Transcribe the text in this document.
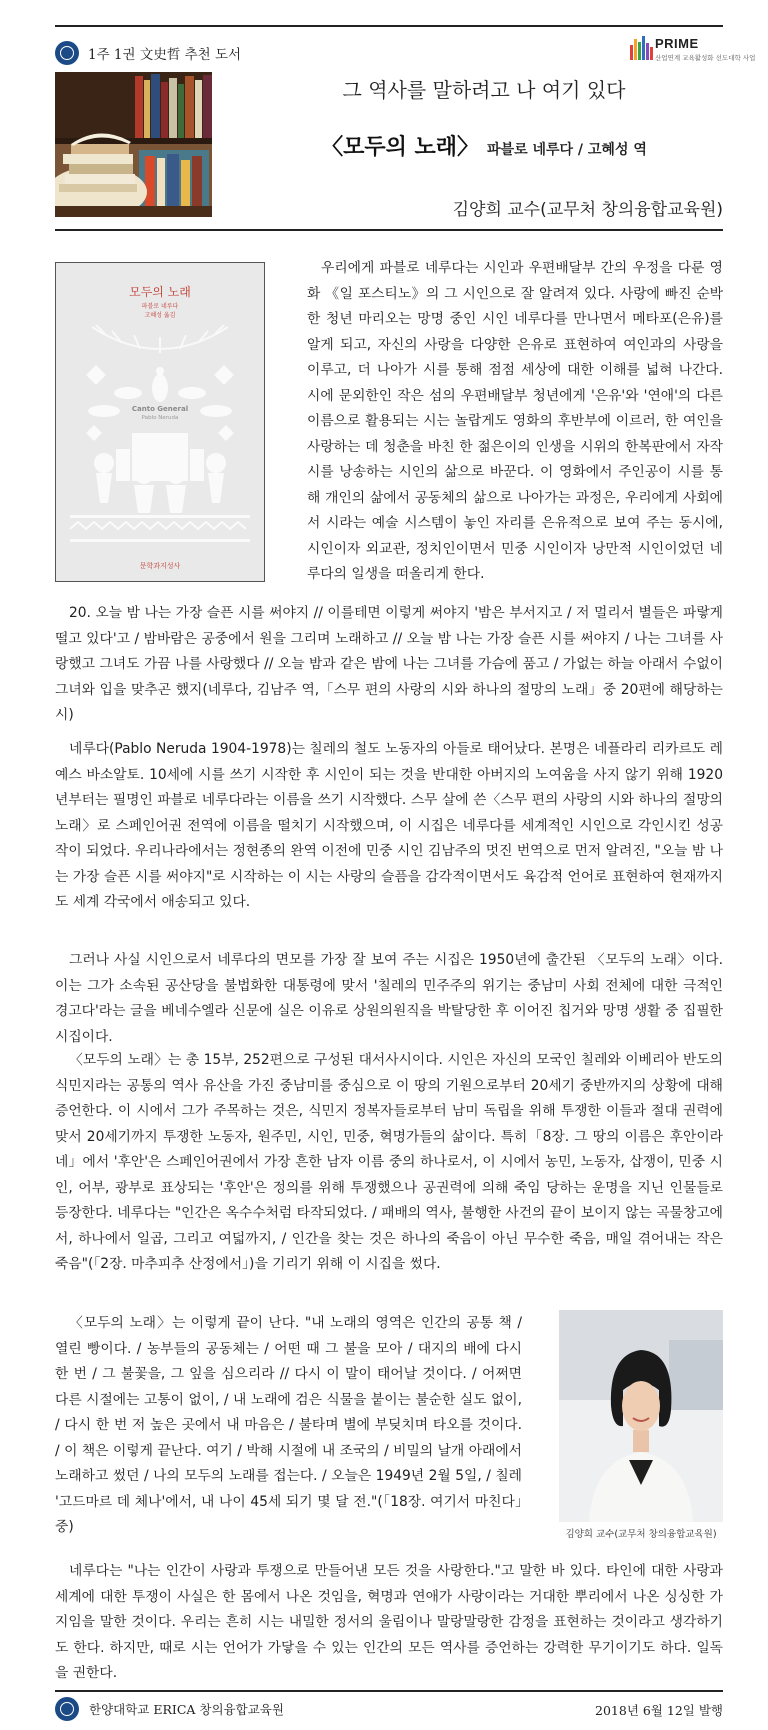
1주 1권 文史哲 추천 도서
PRIME
산업연계 교육활성화 선도대학 사업
그 역사를 말하려고 나 여기 있다
〈모두의 노래〉 파블로 네루다 / 고혜성 역
김양희 교수(교무처 창의융합교육원)
모두의 노래
파블로 네루다
고혜성 옮김
Canto General
Pablo Neruda
문학과지성사

우리에게 파블로 네루다는 시인과 우편배달부 간의 우정을 다룬 영화 《일 포스티노》의 그 시인으로 잘 알려져 있다. 사랑에 빠진 순박한 청년 마리오는 망명 중인 시인 네루다를 만나면서 메타포(은유)를 알게 되고, 자신의 사랑을 다양한 은유로 표현하여 여인과의 사랑을 이루고, 더 나아가 시를 통해 점점 세상에 대한 이해를 넓혀 나간다. 시에 문외한인 작은 섬의 우편배달부 청년에게 '은유'와 '연애'의 다른 이름으로 활용되는 시는 놀랍게도 영화의 후반부에 이르러, 한 여인을 사랑하는 데 청춘을 바친 한 젊은이의 인생을 시위의 한복판에서 자작시를 낭송하는 시인의 삶으로 바꾼다. 이 영화에서 주인공이 시를 통해 개인의 삶에서 공동체의 삶으로 나아가는 과정은, 우리에게 사회에서 시라는 예술 시스템이 놓인 자리를 은유적으로 보여 주는 동시에, 시인이자 외교관, 정치인이면서 민중 시인이자 낭만적 시인이었던 네루다의 일생을 떠올리게 한다.

20. 오늘 밤 나는 가장 슬픈 시를 써야지 // 이를테면 이렇게 써야지 '밤은 부서지고 / 저 멀리서 별들은 파랗게 떨고 있다'고 / 밤바람은 공중에서 원을 그리며 노래하고 // 오늘 밤 나는 가장 슬픈 시를 써야지 / 나는 그녀를 사랑했고 그녀도 가끔 나를 사랑했다 // 오늘 밤과 같은 밤에 나는 그녀를 가슴에 품고 / 가없는 하늘 아래서 수없이 그녀와 입을 맞추곤 했지(네루다, 김남주 역,「스무 편의 사랑의 시와 하나의 절망의 노래」중 20편에 해당하는 시)

네루다(Pablo Neruda 1904-1978)는 칠레의 철도 노동자의 아들로 태어났다. 본명은 네플라리 리카르도 레예스 바소알토. 10세에 시를 쓰기 시작한 후 시인이 되는 것을 반대한 아버지의 노여움을 사지 않기 위해 1920년부터는 필명인 파블로 네루다라는 이름을 쓰기 시작했다. 스무 살에 쓴〈스무 편의 사랑의 시와 하나의 절망의 노래〉로 스페인어권 전역에 이름을 떨치기 시작했으며, 이 시집은 네루다를 세계적인 시인으로 각인시킨 성공작이 되었다. 우리나라에서는 정현종의 완역 이전에 민중 시인 김남주의 멋진 번역으로 먼저 알려진, "오늘 밤 나는 가장 슬픈 시를 써야지"로 시작하는 이 시는 사랑의 슬픔을 감각적이면서도 육감적 언어로 표현하여 현재까지도 세계 각국에서 애송되고 있다.

그러나 사실 시인으로서 네루다의 면모를 가장 잘 보여 주는 시집은 1950년에 출간된 〈모두의 노래〉이다. 이는 그가 소속된 공산당을 불법화한 대통령에 맞서 '칠레의 민주주의 위기는 중남미 사회 전체에 대한 극적인 경고다'라는 글을 베네수엘라 신문에 실은 이유로 상원의원직을 박탈당한 후 이어진 칩거와 망명 생활 중 집필한 시집이다.

〈모두의 노래〉는 총 15부, 252편으로 구성된 대서사시이다. 시인은 자신의 모국인 칠레와 이베리아 반도의 식민지라는 공통의 역사 유산을 가진 중남미를 중심으로 이 땅의 기원으로부터 20세기 중반까지의 상황에 대해 증언한다. 이 시에서 그가 주목하는 것은, 식민지 정복자들로부터 남미 독립을 위해 투쟁한 이들과 절대 권력에 맞서 20세기까지 투쟁한 노동자, 원주민, 시인, 민중, 혁명가들의 삶이다. 특히「8장. 그 땅의 이름은 후안이라네」에서 '후안'은 스페인어권에서 가장 흔한 남자 이름 중의 하나로서, 이 시에서 농민, 노동자, 삽쟁이, 민중 시인, 어부, 광부로 표상되는 '후안'은 정의를 위해 투쟁했으나 공권력에 의해 죽임 당하는 운명을 지닌 인물들로 등장한다. 네루다는 "인간은 옥수수처럼 타작되었다. / 패배의 역사, 불행한 사건의 끝이 보이지 않는 곡물창고에서, 하나에서 일곱, 그리고 여덟까지, / 인간을 찾는 것은 하나의 죽음이 아닌 무수한 죽음, 매일 겪어내는 작은 죽음"(「2장. 마추피추 산정에서」)을 기리기 위해 이 시집을 썼다.

〈모두의 노래〉는 이렇게 끝이 난다. "내 노래의 영역은 인간의 공통 책 / 열린 빵이다. / 농부들의 공동체는 / 어떤 때 그 불을 모아 / 대지의 배에 다시 한 번 / 그 불꽃을, 그 잎을 심으리라 // 다시 이 말이 태어날 것이다. / 어쩌면 다른 시절에는 고통이 없이, / 내 노래에 검은 식물을 붙이는 불순한 실도 없이, / 다시 한 번 저 높은 곳에서 내 마음은 / 불타며 별에 부딪치며 타오를 것이다. / 이 책은 이렇게 끝난다. 여기 / 박해 시절에 내 조국의 / 비밀의 날개 아래에서 노래하고 썼던 / 나의 모두의 노래를 접는다. / 오늘은 1949년 2월 5일, / 칠레 '고드마르 데 체나'에서, 내 나이 45세 되기 몇 달 전."(「18장. 여기서 마친다」중)	김양희 교수(교무처 창의융합교육원)

네루다는 "나는 인간이 사랑과 투쟁으로 만들어낸 모든 것을 사랑한다."고 말한 바 있다. 타인에 대한 사랑과 세계에 대한 투쟁이 사실은 한 몸에서 나온 것임을, 혁명과 연애가 사랑이라는 거대한 뿌리에서 나온 싱싱한 가지임을 말한 것이다. 우리는 흔히 시는 내밀한 정서의 울림이나 말랑말랑한 감정을 표현하는 것이라고 생각하기도 한다. 하지만, 때로 시는 언어가 가닿을 수 있는 인간의 모든 역사를 증언하는 강력한 무기이기도 하다. 일독을 권한다.

한양대학교 ERICA 창의융합교육원	2018년 6월 12일 발행
